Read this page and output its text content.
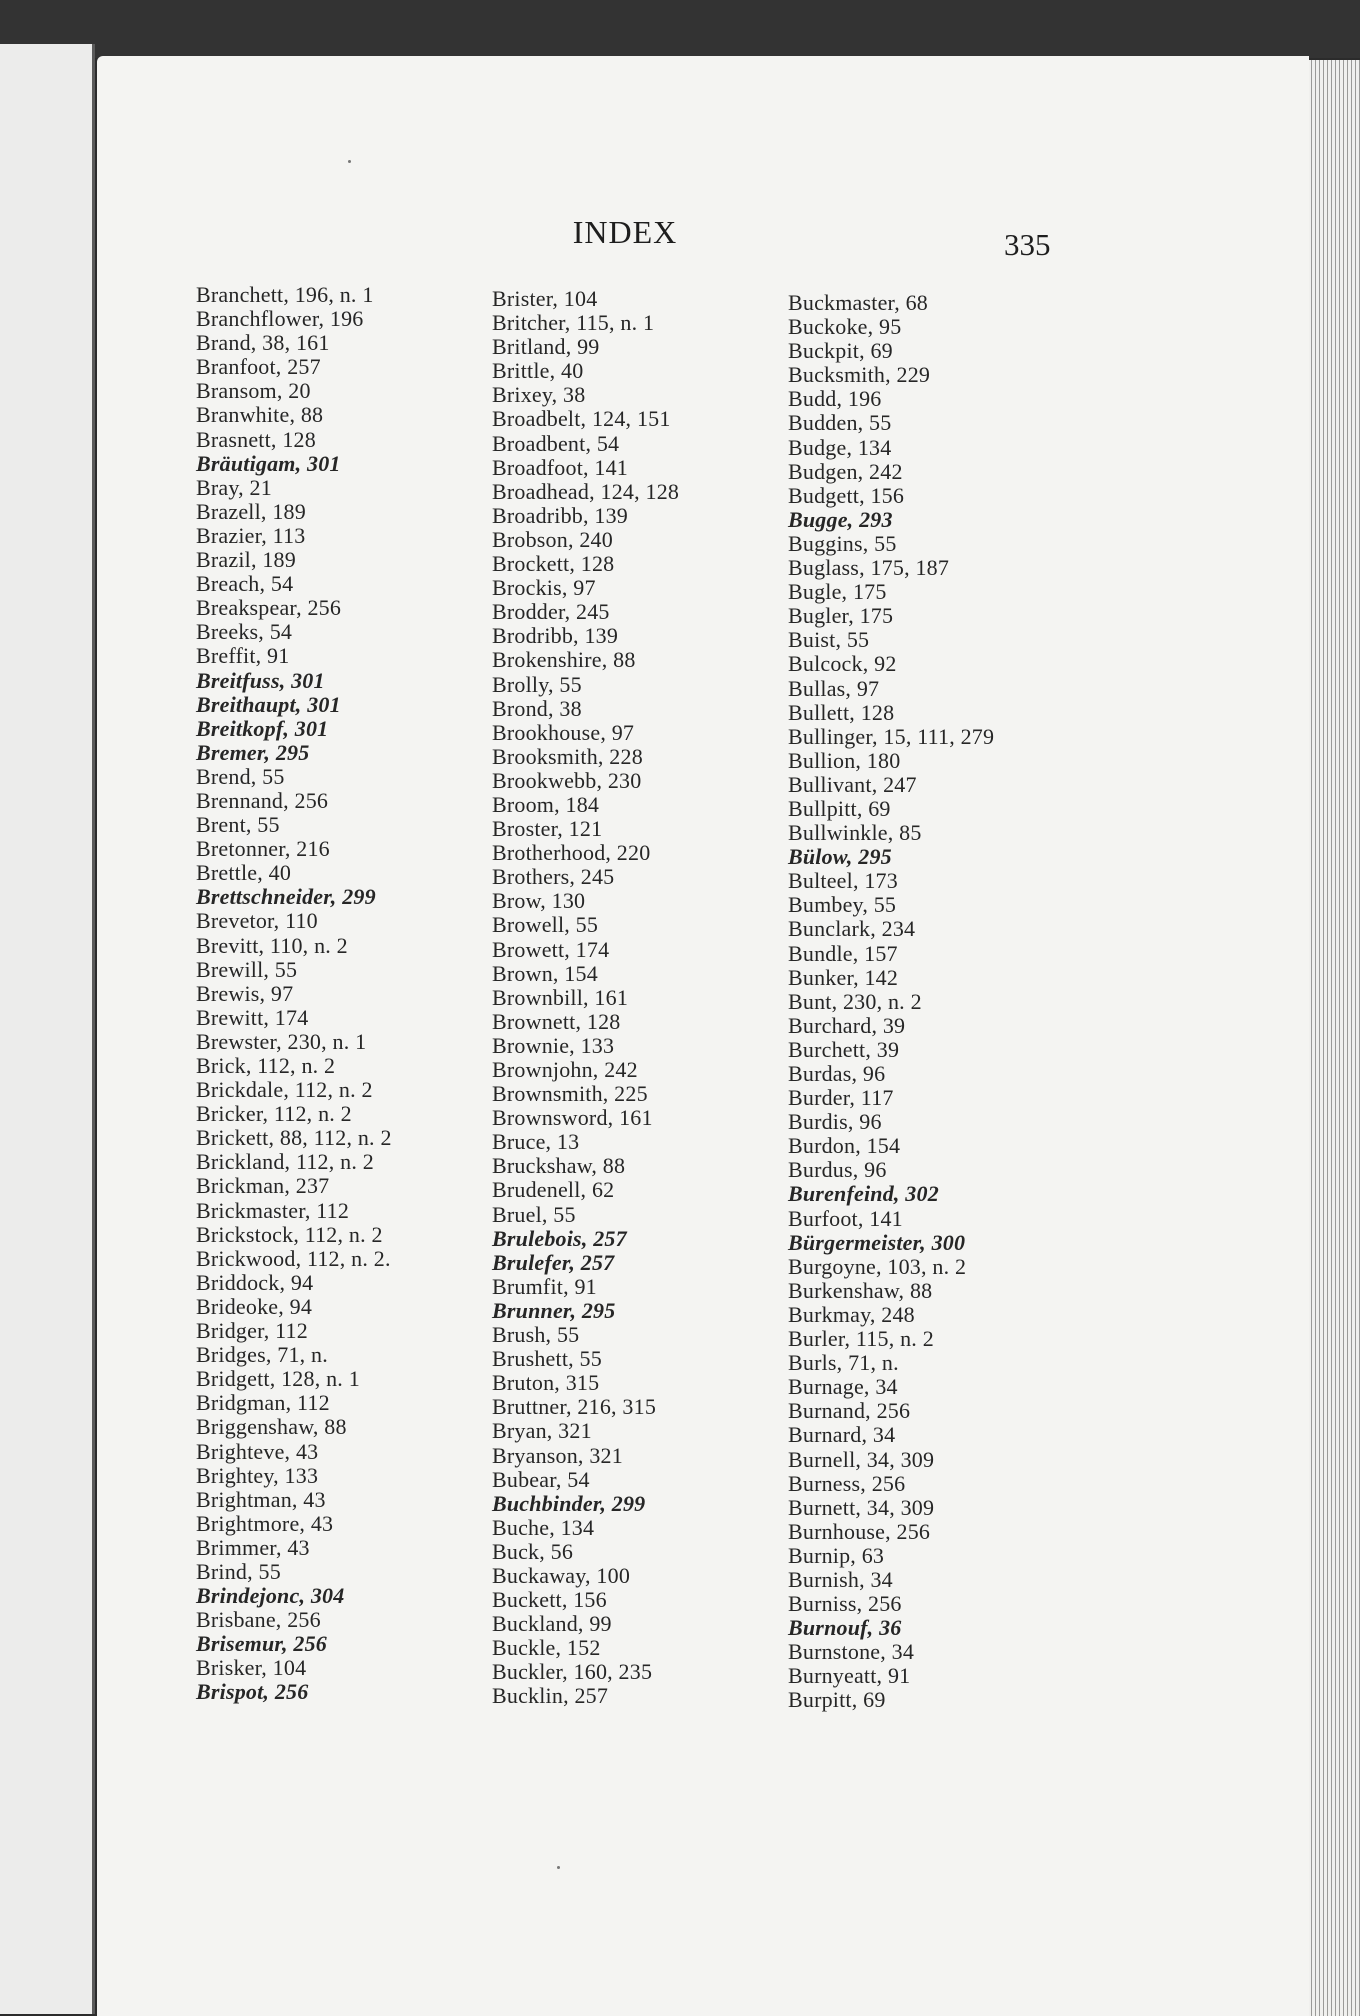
INDEX	335
Branchett, 196, n. 1
Branchflower, 196
Brand, 38, 161
Branfoot, 257
Bransom, 20
Branwhite, 88
Brasnett, 128
Bräutigam, 301
Bray, 21
Brazell, 189
Brazier, 113
Brazil, 189
Breach, 54
Breakspear, 256
Breeks, 54
Breffit, 91
Breitfuss, 301
Breithaupt, 301
Breitkopf, 301
Bremer, 295
Brend, 55
Brennand, 256
Brent, 55
Bretonner, 216
Brettle, 40
Brettschneider, 299
Brevetor, 110
Brevitt, 110, n. 2
Brewill, 55
Brewis, 97
Brewitt, 174
Brewster, 230, n. 1
Brick, 112, n. 2
Brickdale, 112, n. 2
Bricker, 112, n. 2
Brickett, 88, 112, n. 2
Brickland, 112, n. 2
Brickman, 237
Brickmaster, 112
Brickstock, 112, n. 2
Brickwood, 112, n. 2.
Briddock, 94
Brideoke, 94
Bridger, 112
Bridges, 71, n.
Bridgett, 128, n. 1
Bridgman, 112
Briggenshaw, 88
Brighteve, 43
Brightey, 133
Brightman, 43
Brightmore, 43
Brimmer, 43
Brind, 55
Brindejonc, 304
Brisbane, 256
Brisemur, 256
Brisker, 104
Brispot, 256
Brister, 104
Britcher, 115, n. 1
Britland, 99
Brittle, 40
Brixey, 38
Broadbelt, 124, 151
Broadbent, 54
Broadfoot, 141
Broadhead, 124, 128
Broadribb, 139
Brobson, 240
Brockett, 128
Brockis, 97
Brodder, 245
Brodribb, 139
Brokenshire, 88
Brolly, 55
Brond, 38
Brookhouse, 97
Brooksmith, 228
Brookwebb, 230
Broom, 184
Broster, 121
Brotherhood, 220
Brothers, 245
Brow, 130
Browell, 55
Browett, 174
Brown, 154
Brownbill, 161
Brownett, 128
Brownie, 133
Brownjohn, 242
Brownsmith, 225
Brownsword, 161
Bruce, 13
Bruckshaw, 88
Brudenell, 62
Bruel, 55
Brulebois, 257
Brulefer, 257
Brumfit, 91
Brunner, 295
Brush, 55
Brushett, 55
Bruton, 315
Bruttner, 216, 315
Bryan, 321
Bryanson, 321
Bubear, 54
Buchbinder, 299
Buche, 134
Buck, 56
Buckaway, 100
Buckett, 156
Buckland, 99
Buckle, 152
Buckler, 160, 235
Bucklin, 257
Buckmaster, 68
Buckoke, 95
Buckpit, 69
Bucksmith, 229
Budd, 196
Budden, 55
Budge, 134
Budgen, 242
Budgett, 156
Bugge, 293
Buggins, 55
Buglass, 175, 187
Bugle, 175
Bugler, 175
Buist, 55
Bulcock, 92
Bullas, 97
Bullett, 128
Bullinger, 15, 111, 279
Bullion, 180
Bullivant, 247
Bullpitt, 69
Bullwinkle, 85
Bülow, 295
Bulteel, 173
Bumbey, 55
Bunclark, 234
Bundle, 157
Bunker, 142
Bunt, 230, n. 2
Burchard, 39
Burchett, 39
Burdas, 96
Burder, 117
Burdis, 96
Burdon, 154
Burdus, 96
Burenfeind, 302
Burfoot, 141
Bürgermeister, 300
Burgoyne, 103, n. 2
Burkenshaw, 88
Burkmay, 248
Burler, 115, n. 2
Burls, 71, n.
Burnage, 34
Burnand, 256
Burnard, 34
Burnell, 34, 309
Burness, 256
Burnett, 34, 309
Burnhouse, 256
Burnip, 63
Burnish, 34
Burniss, 256
Burnouf, 36
Burnstone, 34
Burnyeatt, 91
Burpitt, 69
